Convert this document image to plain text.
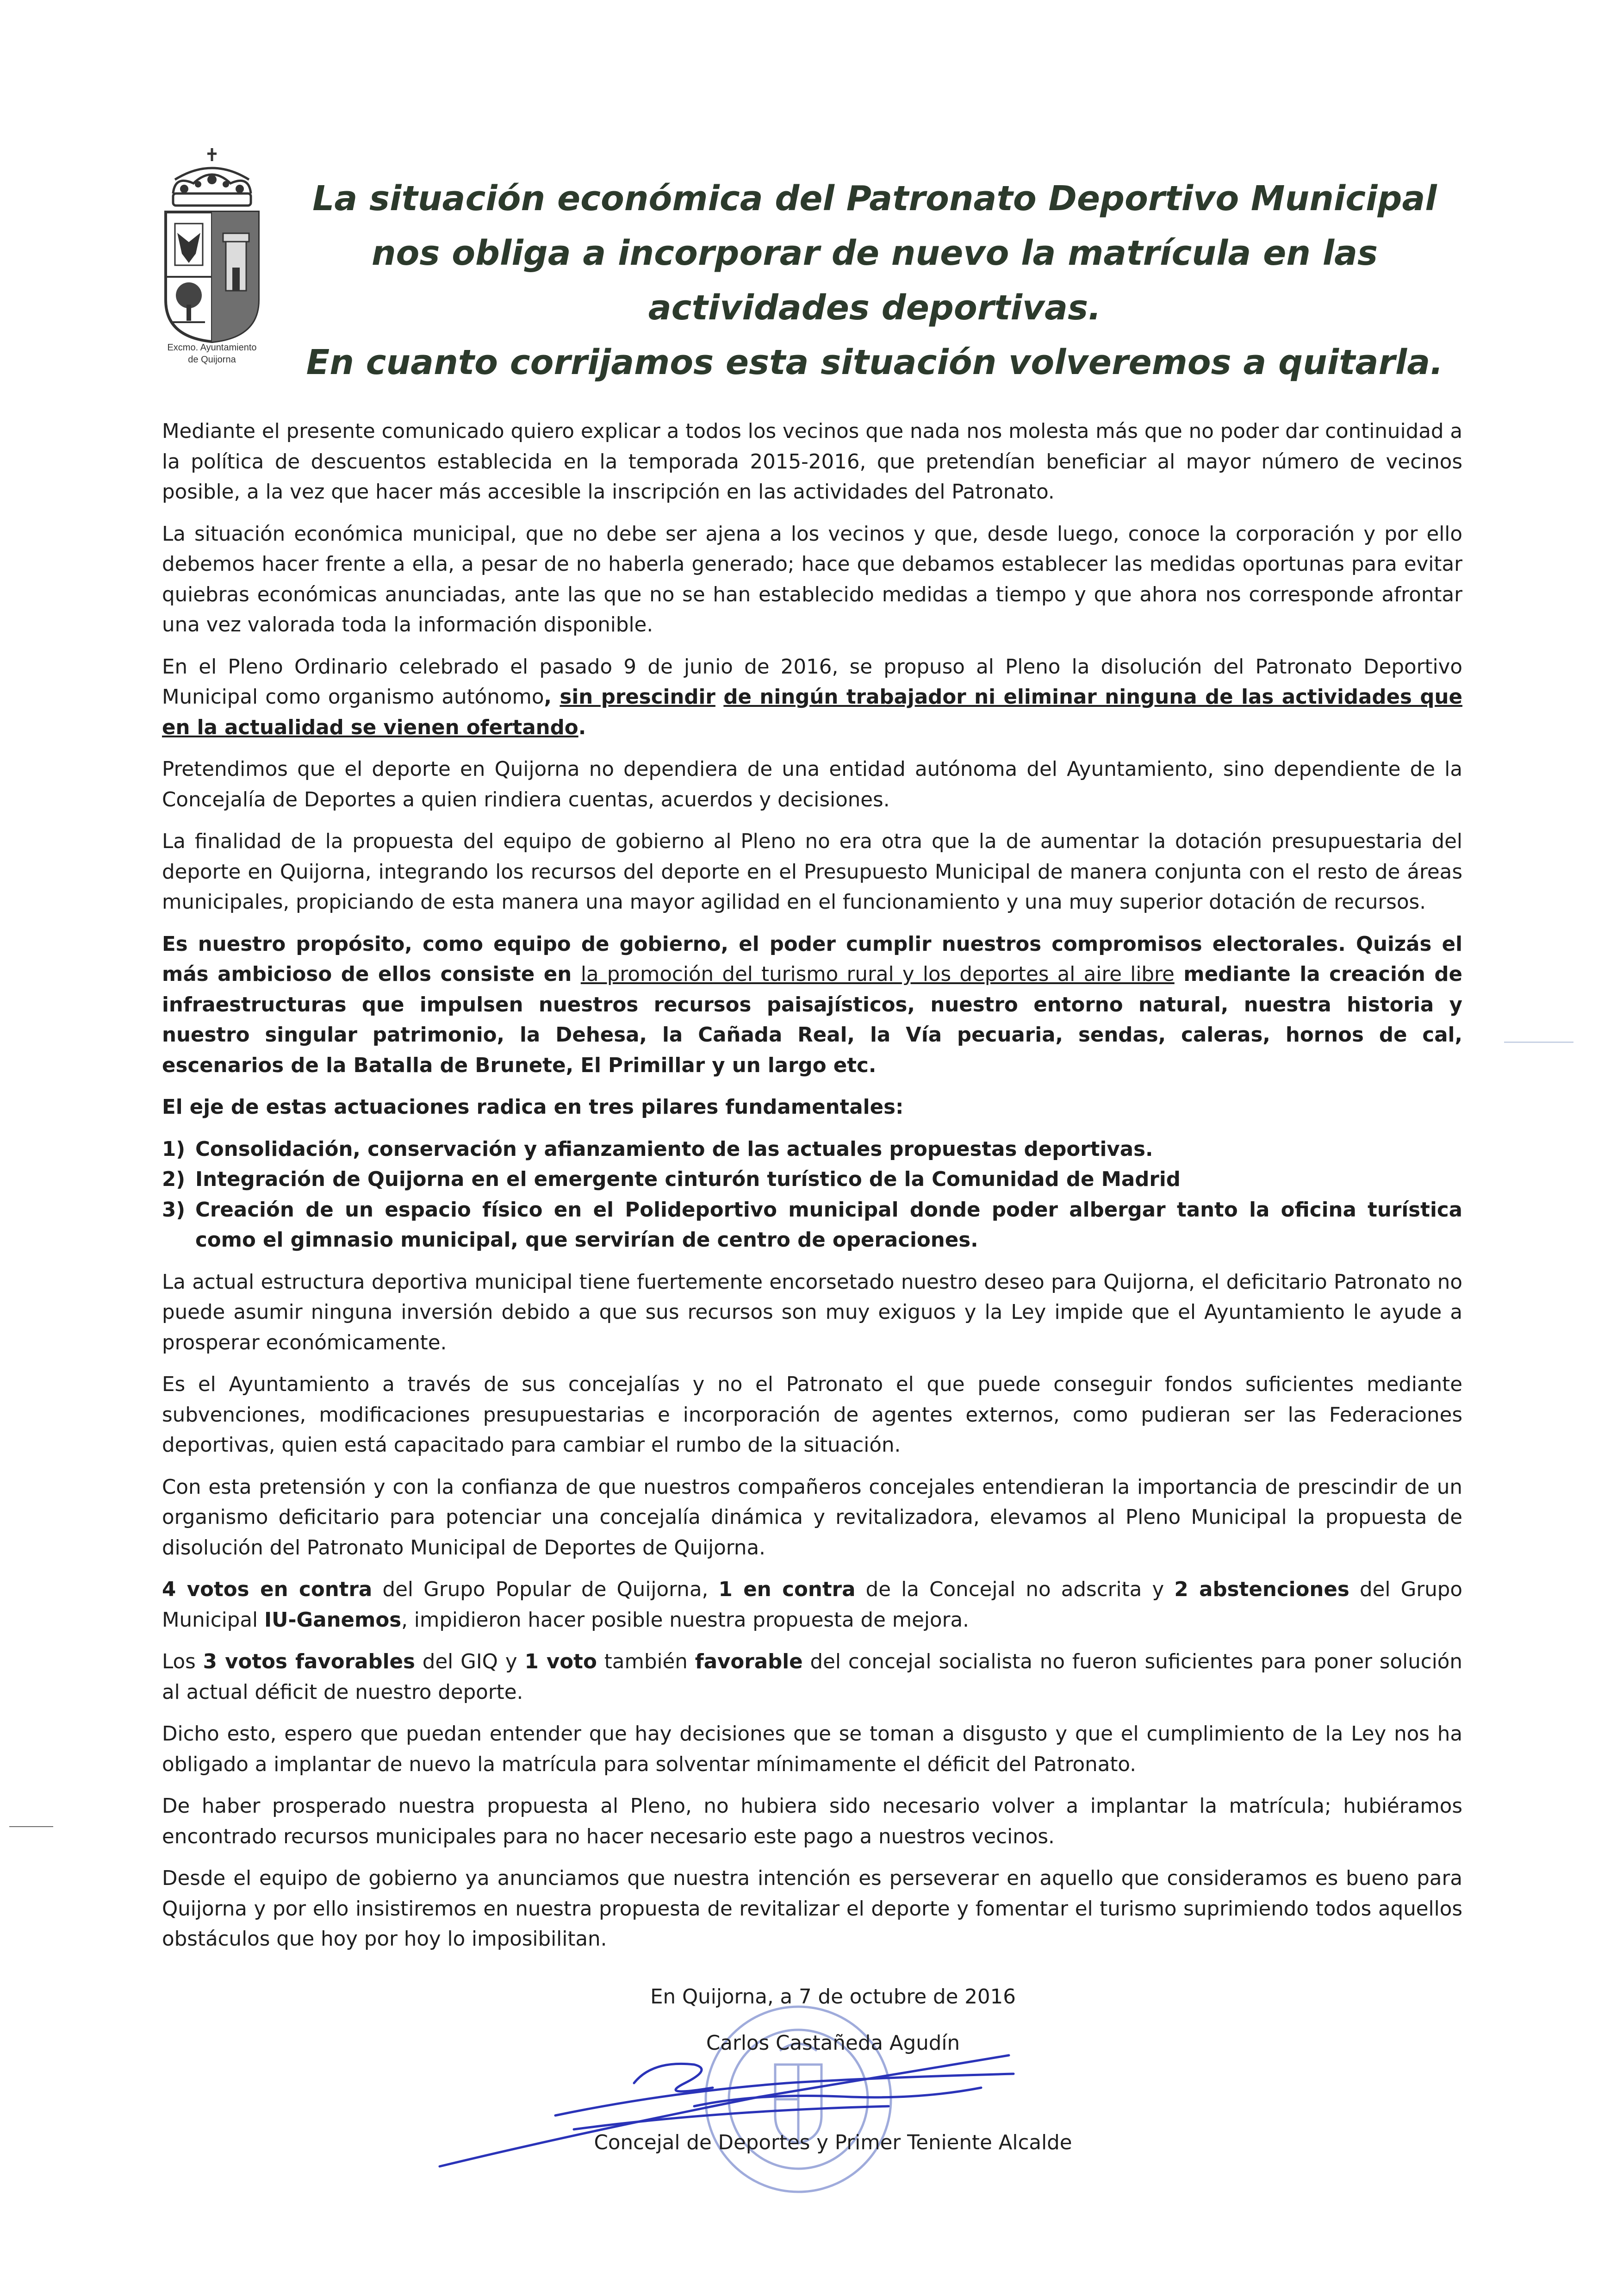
Excmo. Ayuntamiento
de Quijorna
La situación económica del Patronato Deportivo Municipal
nos obliga a incorporar de nuevo la matrícula en las
actividades deportivas.
En cuanto corrijamos esta situación volveremos a quitarla.

Mediante el presente comunicado quiero explicar a todos los vecinos que nada nos molesta más que no poder dar continuidad a la política de descuentos establecida en la temporada 2015-2016, que pretendían beneficiar al mayor número de vecinos posible, a la vez que hacer más accesible la inscripción en las actividades del Patronato.

La situación económica municipal, que no debe ser ajena a los vecinos y que, desde luego, conoce la corporación y por ello debemos hacer frente a ella, a pesar de no haberla generado; hace que debamos establecer las medidas oportunas para evitar quiebras económicas anunciadas, ante las que no se han establecido medidas a tiempo y que ahora nos corresponde afrontar una vez valorada toda la información disponible.

En el Pleno Ordinario celebrado el pasado 9 de junio de 2016, se propuso al Pleno la disolución del Patronato Deportivo Municipal como organismo autónomo, sin prescindir de ningún trabajador ni eliminar ninguna de las actividades que en la actualidad se vienen ofertando.

Pretendimos que el deporte en Quijorna no dependiera de una entidad autónoma del Ayuntamiento, sino dependiente de la Concejalía de Deportes a quien rindiera cuentas, acuerdos y decisiones.

La finalidad de la propuesta del equipo de gobierno al Pleno no era otra que la de aumentar la dotación presupuestaria del deporte en Quijorna, integrando los recursos del deporte en el Presupuesto Municipal de manera conjunta con el resto de áreas municipales, propiciando de esta manera una mayor agilidad en el funcionamiento y una muy superior dotación de recursos.

Es nuestro propósito, como equipo de gobierno, el poder cumplir nuestros compromisos electorales. Quizás el más ambicioso de ellos consiste en la promoción del turismo rural y los deportes al aire libre mediante la creación de infraestructuras que impulsen nuestros recursos paisajísticos, nuestro entorno natural, nuestra historia y nuestro singular patrimonio, la Dehesa, la Cañada Real, la Vía pecuaria, sendas, caleras, hornos de cal, escenarios de la Batalla de Brunete, El Primillar y un largo etc.

El eje de estas actuaciones radica en tres pilares fundamentales:

1) Consolidación, conservación y afianzamiento de las actuales propuestas deportivas.
2) Integración de Quijorna en el emergente cinturón turístico de la Comunidad de Madrid
3) Creación de un espacio físico en el Polideportivo municipal donde poder albergar tanto la oficina turística como el gimnasio municipal, que servirían de centro de operaciones.

La actual estructura deportiva municipal tiene fuertemente encorsetado nuestro deseo para Quijorna, el deficitario Patronato no puede asumir ninguna inversión debido a que sus recursos son muy exiguos y la Ley impide que el Ayuntamiento le ayude a prosperar económicamente.

Es el Ayuntamiento a través de sus concejalías y no el Patronato el que puede conseguir fondos suficientes mediante subvenciones, modificaciones presupuestarias e incorporación de agentes externos, como pudieran ser las Federaciones deportivas, quien está capacitado para cambiar el rumbo de la situación.

Con esta pretensión y con la confianza de que nuestros compañeros concejales entendieran la importancia de prescindir de un organismo deficitario para potenciar una concejalía dinámica y revitalizadora, elevamos al Pleno Municipal la propuesta de disolución del Patronato Municipal de Deportes de Quijorna.

4 votos en contra del Grupo Popular de Quijorna, 1 en contra de la Concejal no adscrita y 2 abstenciones del Grupo Municipal IU-Ganemos, impidieron hacer posible nuestra propuesta de mejora.

Los 3 votos favorables del GIQ y 1 voto también favorable del concejal socialista no fueron suficientes para poner solución al actual déficit de nuestro deporte.

Dicho esto, espero que puedan entender que hay decisiones que se toman a disgusto y que el cumplimiento de la Ley nos ha obligado a implantar de nuevo la matrícula para solventar mínimamente el déficit del Patronato.

De haber prosperado nuestra propuesta al Pleno, no hubiera sido necesario volver a implantar la matrícula; hubiéramos encontrado recursos municipales para no hacer necesario este pago a nuestros vecinos.

Desde el equipo de gobierno ya anunciamos que nuestra intención es perseverar en aquello que consideramos es bueno para Quijorna y por ello insistiremos en nuestra propuesta de revitalizar el deporte y fomentar el turismo suprimiendo todos aquellos obstáculos que hoy por hoy lo imposibilitan.

En Quijorna, a 7 de octubre de 2016
Carlos Castañeda Agudín
Concejal de Deportes y Primer Teniente Alcalde
